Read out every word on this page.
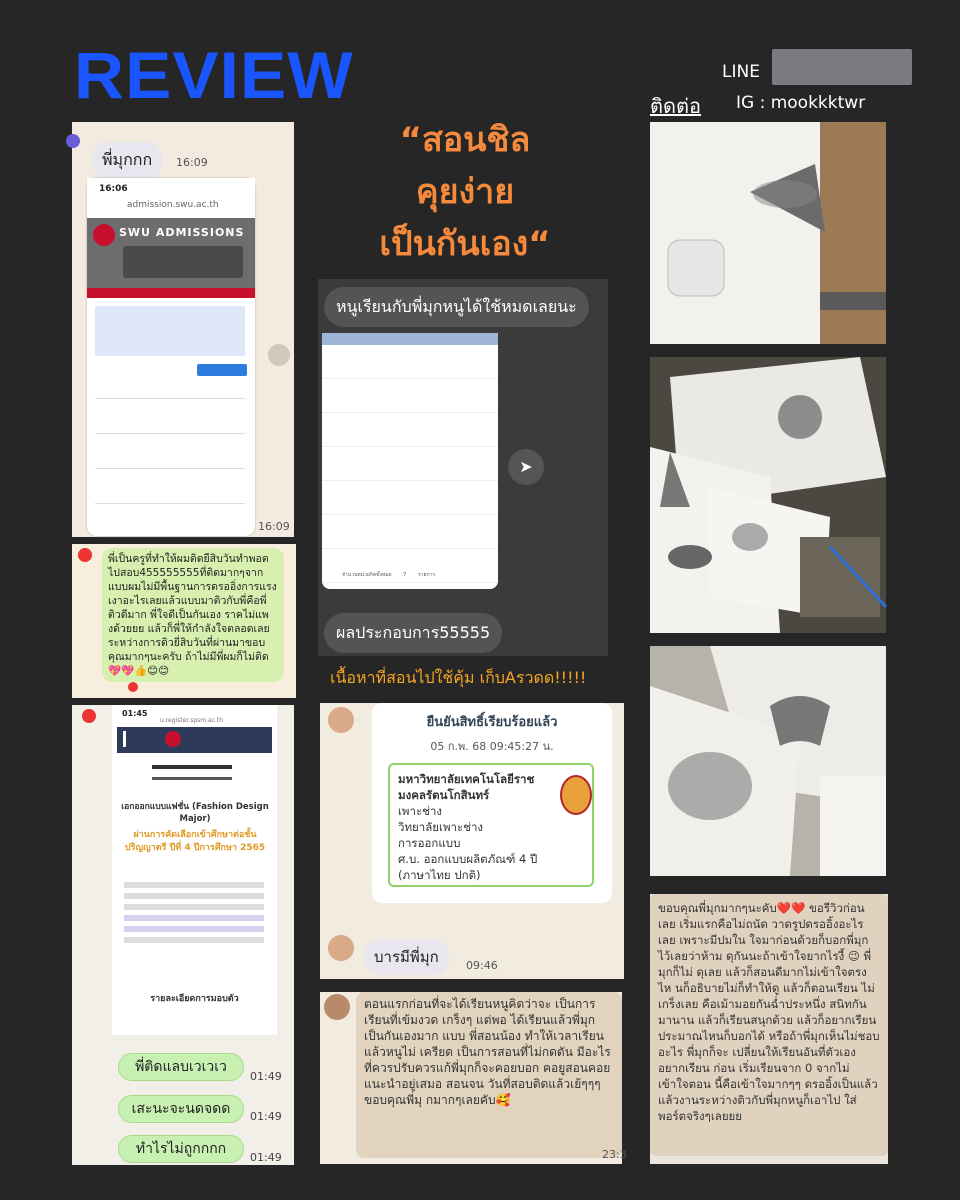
REVIEW	LINE
ติดต่อ IG : mookkktwr
“สอนชิล
คุยง่าย
เป็นกันเอง“
พี่มุกกก	16:09
16:06
admission.swu.ac.th
SWU ADMISSIONS
16:09
พี่เป็นครูที่ทำให้ผมติดยืสิบวันทำพอต ไปสอบ455555555ที่ติดมากๆจาก แบบผมไม่มีพื้นฐานการดรออิ่งการแรง เงาอะไรเลยแล้วแบบมาติวกับพี่คือพี่ ติวดีมาก พี่ใจดีเป็นกันเอง ราคไม่แพ งด้วยยย แล้วก็พี่ให้กำลังใจตลอดเลย ระหว่างการติวยี่สิบวันที่ผ่านมาขอบ คุณมากๆนะครับ ถ้าไม่มีพี่ผมก็ไม่ติด 💖💖👍😊😊
01:45
u.register.spsm.ac.th
เอกออกแบบแฟชั่น (Fashion Design Major)
ผ่านการคัดเลือกเข้าศึกษาต่อชั้นปริญญาตรี ปีที่ 4 ปีการศึกษา 2565
รายละเอียดการมอบตัว
พี่ติดแลบเวเวเว
01:49
เสะนะจะนดจดด	01:49
ทำไรไม่ถูกกกก
01:49
หนูเรียนกับพี่มุกหนูได้ใช้หมดเลยนะ
จำนวนหน่วยกิตทั้งหมด 7 รายการ
➤
ผลประกอบการ55555
เนื้อหาที่สอนไปใช้คุ้ม เก็บAรวดด!!!!!
ยืนยันสิทธิ์เรียบร้อยแล้ว
05 ก.พ. 68 09:45:27 น.
มหาวิทยาลัยเทคโนโลยีราชมงคลรัตนโกสินทร์
เพาะช่าง
วิทยาลัยเพาะช่าง
การออกแบบ
ศ.บ. ออกแบบผลิตภัณฑ์ 4 ปี
(ภาษาไทย ปกติ)
บารมีพี่มุก	09:46
ตอนแรกก่อนที่จะได้เรียนหนูคิดว่าจะ เป็นการเรียนที่เข้มงวด เกร็งๆ แต่พอ ได้เรียนแล้วพี่มุกเป็นกันเองมาก แบบ พี่สอนน้อง ทำให้เวลาเรียนแล้วหนูไม่ เครียด เป็นการสอนที่ไม่กดดัน มีอะไร ที่ควรปรับควรแก้พี่มุกก็จะคอยบอก คอยูสอนคอยแนะนำอยู่เสมอ สอนจน วันที่สอบติดแล้วเย้ๆๆๆ ขอบคุณพี่มุ กมากๆเลยคับ🥰
23:3
ขอบคุณพี่มุกมากๆนะคับ❤️❤️ ขอรีวิวก่อนเลย เริ่มแรกคือไม่ถนัด วาดรูปดรออิ้งอะไรเลย เพราะมีปมใน ใจมาก่อนด้วยก็บอกพี่มุกไว้เลยว่าห้าม ดุกันนะถ้าเข้าใจยากไรงี้ 😉 พี่มุกก็ไม่ ดุเลย แล้วก็สอนดีมากไม่เข้าใจตรงไห นก็อธิบายไม่ก็ทำให้ดู แล้วก็ตอนเรียน ไม่เกร็งเลย คือเม้ามอยกันฉ่ำประหนึ่ง สนิทกันมานาน แล้วก็เรียนสนุกด้วย แล้วก็อยากเรียนประมาณไหนก็บอกได้ หรือถ้าพี่มุกเห็นไม่ชอบอะไร พี่มุกก็จะ เปลี่ยนให้เรียนอันที่ตัวเองอยากเรียน ก่อน เริ่มเรียนจาก 0 จากไม่เข้าใจตอน นี้คือเข้าใจมากๆๆ ดรออิ้งเป็นแล้ว แล้วงานระหว่างติวกับพี่มุกหนูก็เอาไป ใส่พอร์ตจริงๆเลยยย
